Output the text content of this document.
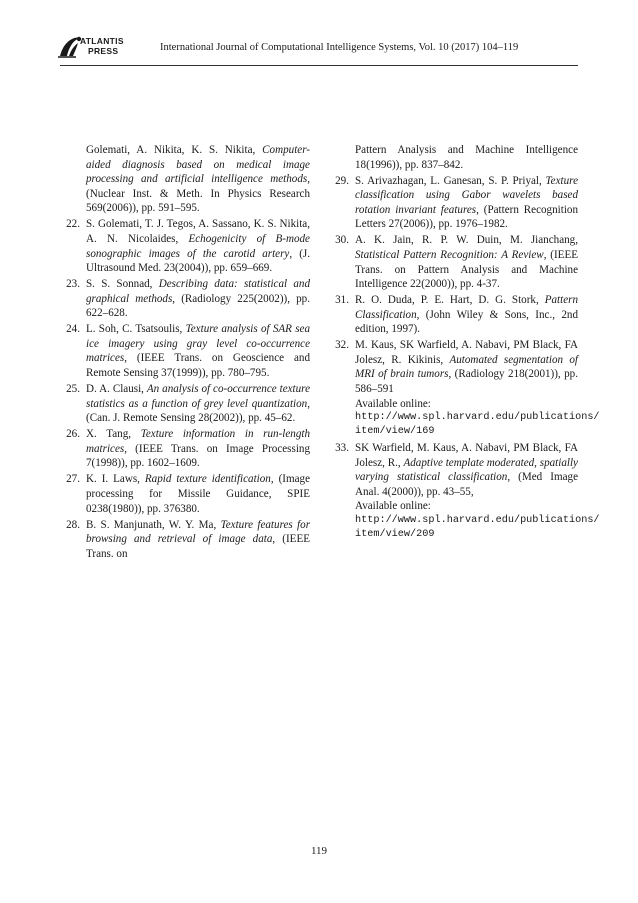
ATLANTIS
PRESS	International Journal of Computational Intelligence Systems, Vol. 10 (2017) 104–119
Golemati, A. Nikita, K. S. Nikita, Computer-aided diagnosis based on medical image processing and artificial intelligence methods, (Nuclear Inst. & Meth. In Physics Research 569(2006)), pp. 591–595.
22. S. Golemati, T. J. Tegos, A. Sassano, K. S. Nikita, A. N. Nicolaides, Echogenicity of B-mode sonographic images of the carotid artery, (J. Ultrasound Med. 23(2004)), pp. 659–669.
23. S. S. Sonnad, Describing data: statistical and graphical methods, (Radiology 225(2002)), pp. 622–628.
24. L. Soh, C. Tsatsoulis, Texture analysis of SAR sea ice imagery using gray level co-occurrence matrices, (IEEE Trans. on Geoscience and Remote Sensing 37(1999)), pp. 780–795.
25. D. A. Clausi, An analysis of co-occurrence texture statistics as a function of grey level quantization, (Can. J. Remote Sensing 28(2002)), pp. 45–62.
26. X. Tang, Texture information in run-length matrices, (IEEE Trans. on Image Processing 7(1998)), pp. 1602–1609.
27. K. I. Laws, Rapid texture identification, (Image processing for Missile Guidance, SPIE 0238(1980)), pp. 376380.
28. B. S. Manjunath, W. Y. Ma, Texture features for browsing and retrieval of image data, (IEEE Trans. on
Pattern Analysis and Machine Intelligence 18(1996)), pp. 837–842.
29. S. Arivazhagan, L. Ganesan, S. P. Priyal, Texture classification using Gabor wavelets based rotation invariant features, (Pattern Recognition Letters 27(2006)), pp. 1976–1982.
30. A. K. Jain, R. P. W. Duin, M. Jianchang, Statistical Pattern Recognition: A Review, (IEEE Trans. on Pattern Analysis and Machine Intelligence 22(2000)), pp. 4-37.
31. R. O. Duda, P. E. Hart, D. G. Stork, Pattern Classification, (John Wiley & Sons, Inc., 2nd edition, 1997).
32. M. Kaus, SK Warfield, A. Nabavi, PM Black, FA Jolesz, R. Kikinis, Automated segmentation of MRI of brain tumors, (Radiology 218(2001)), pp. 586–591
Available online:
http://www.spl.harvard.edu/publications/
item/view/169
33. SK Warfield, M. Kaus, A. Nabavi, PM Black, FA Jolesz, R., Adaptive template moderated, spatially varying statistical classification, (Med Image Anal. 4(2000)), pp. 43–55,
Available online:
http://www.spl.harvard.edu/publications/
item/view/209
119
